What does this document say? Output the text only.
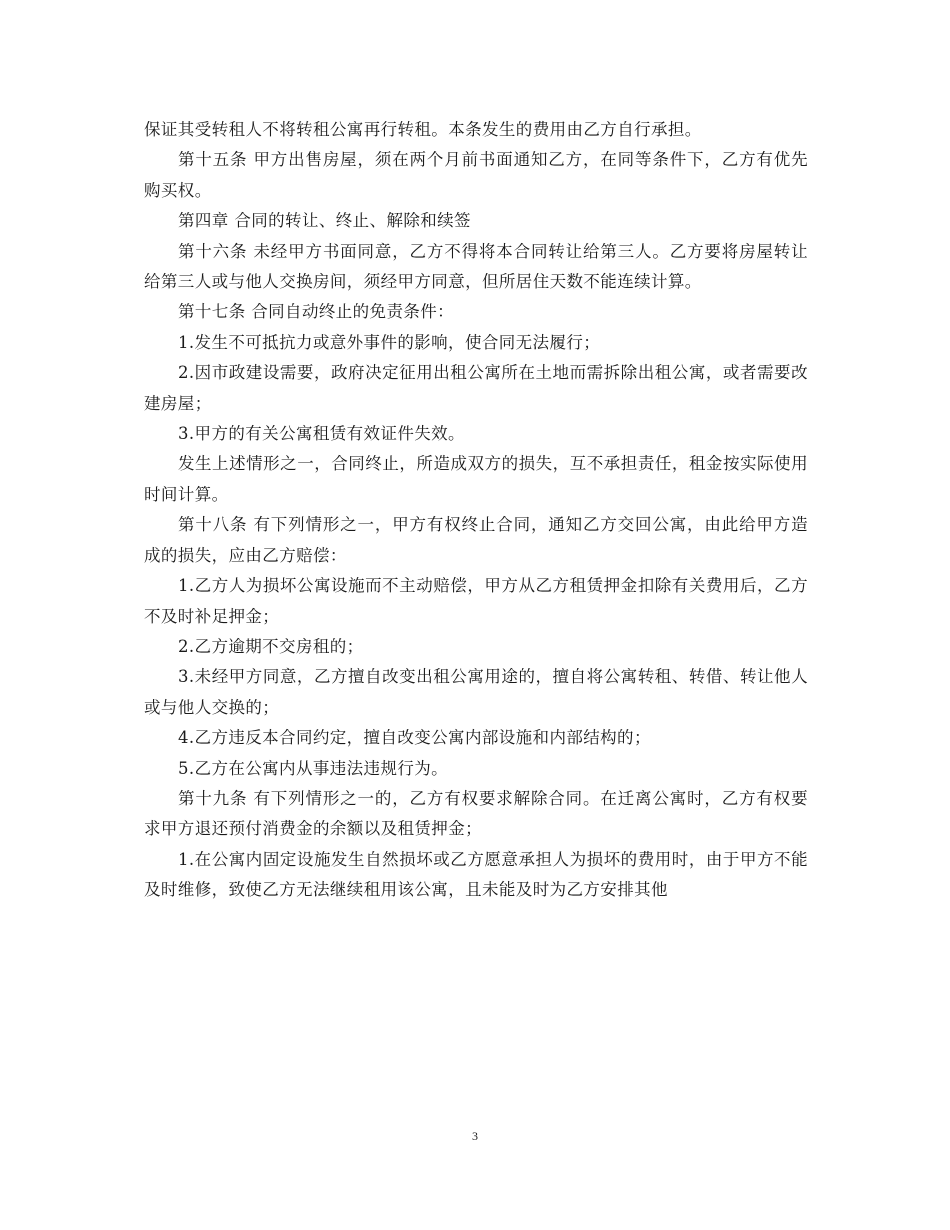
保证其受转租人不将转租公寓再行转租。本条发生的费用由乙方自行承担。

第十五条 甲方出售房屋，须在两个月前书面通知乙方，在同等条件下，乙方有优先购买权。

第四章 合同的转让、终止、解除和续签

第十六条 未经甲方书面同意，乙方不得将本合同转让给第三人。乙方要将房屋转让给第三人或与他人交换房间，须经甲方同意，但所居住天数不能连续计算。

第十七条 合同自动终止的免责条件：

1.发生不可抵抗力或意外事件的影响，使合同无法履行；

2.因市政建设需要，政府决定征用出租公寓所在土地而需拆除出租公寓，或者需要改建房屋；

3.甲方的有关公寓租赁有效证件失效。

发生上述情形之一，合同终止，所造成双方的损失，互不承担责任，租金按实际使用时间计算。

第十八条 有下列情形之一，甲方有权终止合同，通知乙方交回公寓，由此给甲方造成的损失，应由乙方赔偿：

1.乙方人为损坏公寓设施而不主动赔偿，甲方从乙方租赁押金扣除有关费用后，乙方不及时补足押金；

2.乙方逾期不交房租的；

3.未经甲方同意，乙方擅自改变出租公寓用途的，擅自将公寓转租、转借、转让他人或与他人交换的；

4.乙方违反本合同约定，擅自改变公寓内部设施和内部结构的；

5.乙方在公寓内从事违法违规行为。

第十九条 有下列情形之一的，乙方有权要求解除合同。在迁离公寓时，乙方有权要求甲方退还预付消费金的余额以及租赁押金；

1.在公寓内固定设施发生自然损坏或乙方愿意承担人为损坏的费用时，由于甲方不能及时维修，致使乙方无法继续租用该公寓，且未能及时为乙方安排其他

3
